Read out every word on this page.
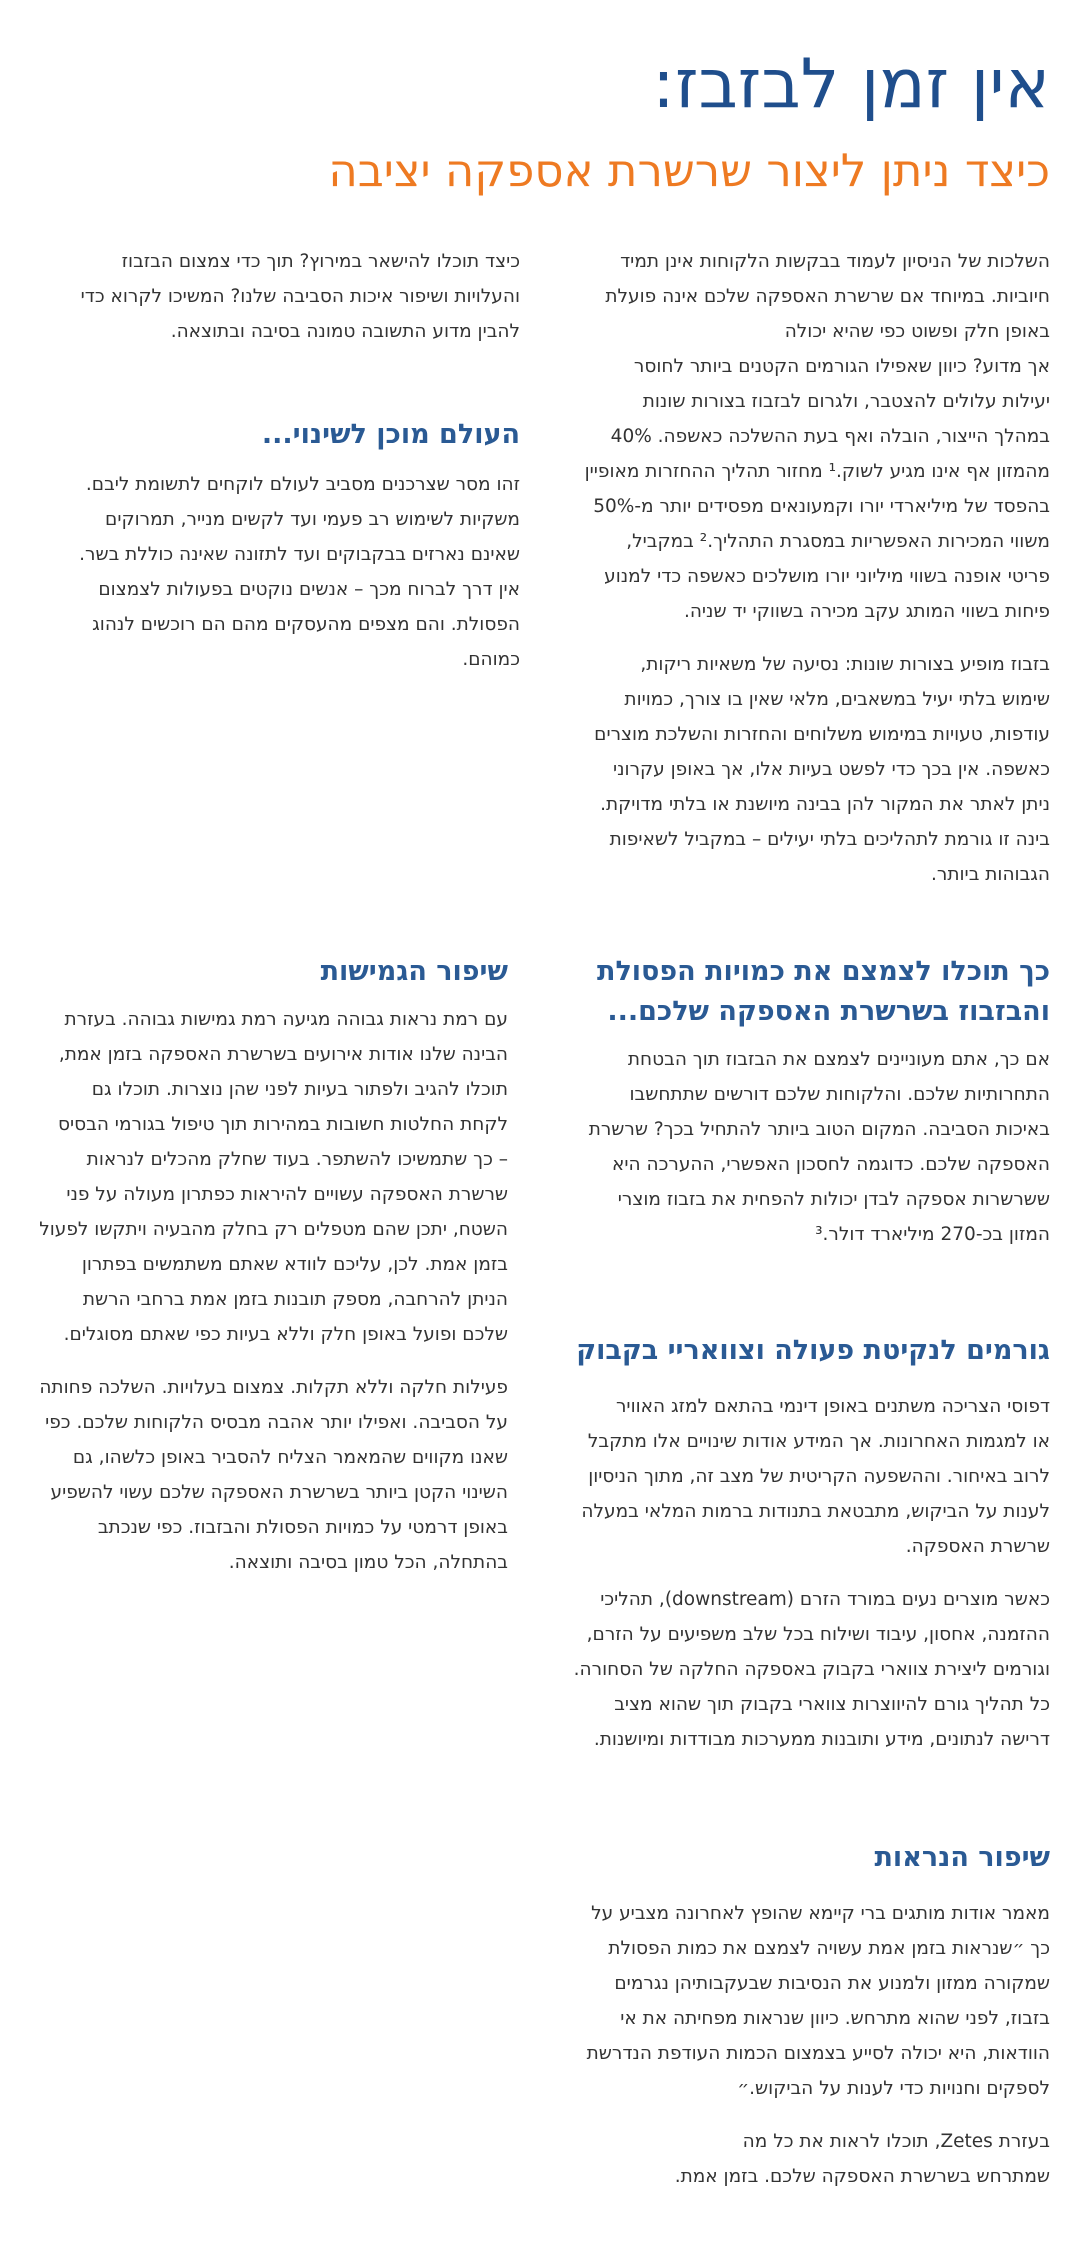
אין זמן לבזבז:
כיצד ניתן ליצור שרשרת אספקה יציבה
השלכות של הניסיון לעמוד בבקשות הלקוחות אינן תמיד
חיוביות. במיוחד אם שרשרת האספקה שלכם אינה פועלת
באופן חלק ופשוט כפי שהיא יכולה
אך מדוע? כיוון שאפילו הגורמים הקטנים ביותר לחוסר
יעילות עלולים להצטבר, ולגרום לבזבוז בצורות שונות
במהלך הייצור, הובלה ואף בעת ההשלכה כאשפה. 40%
מהמזון אף אינו מגיע לשוק.¹ מחזור תהליך ההחזרות מאופיין
בהפסד של מיליארדי יורו וקמעונאים מפסידים יותר מ-50%
משווי המכירות האפשריות במסגרת התהליך.² במקביל,
פריטי אופנה בשווי מיליוני יורו מושלכים כאשפה כדי למנוע
פיחות בשווי המותג עקב מכירה בשווקי יד שניה.
בזבוז מופיע בצורות שונות: נסיעה של משאיות ריקות,
שימוש בלתי יעיל במשאבים, מלאי שאין בו צורך, כמויות
עודפות, טעויות במימוש משלוחים והחזרות והשלכת מוצרים
כאשפה. אין בכך כדי לפשט בעיות אלו, אך באופן עקרוני
ניתן לאתר את המקור להן בבינה מיושנת או בלתי מדויקת.
בינה זו גורמת לתהליכים בלתי יעילים – במקביל לשאיפות
הגבוהות ביותר.
כיצד תוכלו להישאר במירוץ? תוך כדי צמצום הבזבוז
והעלויות ושיפור איכות הסביבה שלנו? המשיכו לקרוא כדי
להבין מדוע התשובה טמונה בסיבה ובתוצאה.
העולם מוכן לשינוי...
זהו מסר שצרכנים מסביב לעולם לוקחים לתשומת ליבם.
משקיות לשימוש רב פעמי ועד לקשים מנייר, תמרוקים
שאינם נארזים בבקבוקים ועד לתזונה שאינה כוללת בשר.
אין דרך לברוח מכך – אנשים נוקטים בפעולות לצמצום
הפסולת. והם מצפים מהעסקים מהם הם רוכשים לנהוג
כמוהם.
כך תוכלו לצמצם את כמויות הפסולת
והבזבוז בשרשרת האספקה שלכם...
אם כך, אתם מעוניינים לצמצם את הבזבוז תוך הבטחת
התחרותיות שלכם. והלקוחות שלכם דורשים שתתחשבו
באיכות הסביבה. המקום הטוב ביותר להתחיל בכך? שרשרת
האספקה שלכם. כדוגמה לחסכון האפשרי, ההערכה היא
ששרשרות אספקה לבדן יכולות להפחית את בזבוז מוצרי
המזון בכ-270 מיליארד דולר.³
שיפור הגמישות
עם רמת נראות גבוהה מגיעה רמת גמישות גבוהה. בעזרת
הבינה שלנו אודות אירועים בשרשרת האספקה בזמן אמת,
תוכלו להגיב ולפתור בעיות לפני שהן נוצרות. תוכלו גם
לקחת החלטות חשובות במהירות תוך טיפול בגורמי הבסיס
– כך שתמשיכו להשתפר. בעוד שחלק מהכלים לנראות
שרשרת האספקה עשויים להיראות כפתרון מעולה על פני
השטח, יתכן שהם מטפלים רק בחלק מהבעיה ויתקשו לפעול
בזמן אמת. לכן, עליכם לוודא שאתם משתמשים בפתרון
הניתן להרחבה, מספק תובנות בזמן אמת ברחבי הרשת
שלכם ופועל באופן חלק וללא בעיות כפי שאתם מסוגלים.
פעילות חלקה וללא תקלות. צמצום בעלויות. השלכה פחותה
על הסביבה. ואפילו יותר אהבה מבסיס הלקוחות שלכם. כפי
שאנו מקווים שהמאמר הצליח להסביר באופן כלשהו, גם
השינוי הקטן ביותר בשרשרת האספקה שלכם עשוי להשפיע
באופן דרמטי על כמויות הפסולת והבזבוז. כפי שנכתב
בהתחלה, הכל טמון בסיבה ותוצאה.
גורמים לנקיטת פעולה וצוואריי בקבוק
דפוסי הצריכה משתנים באופן דינמי בהתאם למזג האוויר
או למגמות האחרונות. אך המידע אודות שינויים אלו מתקבל
לרוב באיחור. וההשפעה הקריטית של מצב זה, מתוך הניסיון
לענות על הביקוש, מתבטאת בתנודות ברמות המלאי במעלה
שרשרת האספקה.
כאשר מוצרים נעים במורד הזרם (downstream), תהליכי
ההזמנה, אחסון, עיבוד ושילוח בכל שלב משפיעים על הזרם,
וגורמים ליצירת צווארי בקבוק באספקה החלקה של הסחורה.
כל תהליך גורם להיווצרות צווארי בקבוק תוך שהוא מציב
דרישה לנתונים, מידע ותובנות ממערכות מבודדות ומיושנות.
שיפור הנראות
מאמר אודות מותגים ברי קיימא שהופץ לאחרונה מצביע על
כך ״שנראות בזמן אמת עשויה לצמצם את כמות הפסולת
שמקורה ממזון ולמנוע את הנסיבות שבעקבותיהן נגרמים
בזבוז, לפני שהוא מתרחש. כיוון שנראות מפחיתה את אי
הוודאות, היא יכולה לסייע בצמצום הכמות העודפת הנדרשת
לספקים וחנויות כדי לענות על הביקוש.״
בעזרת Zetes, תוכלו לראות את כל מה
שמתרחש בשרשרת האספקה שלכם. בזמן אמת.
